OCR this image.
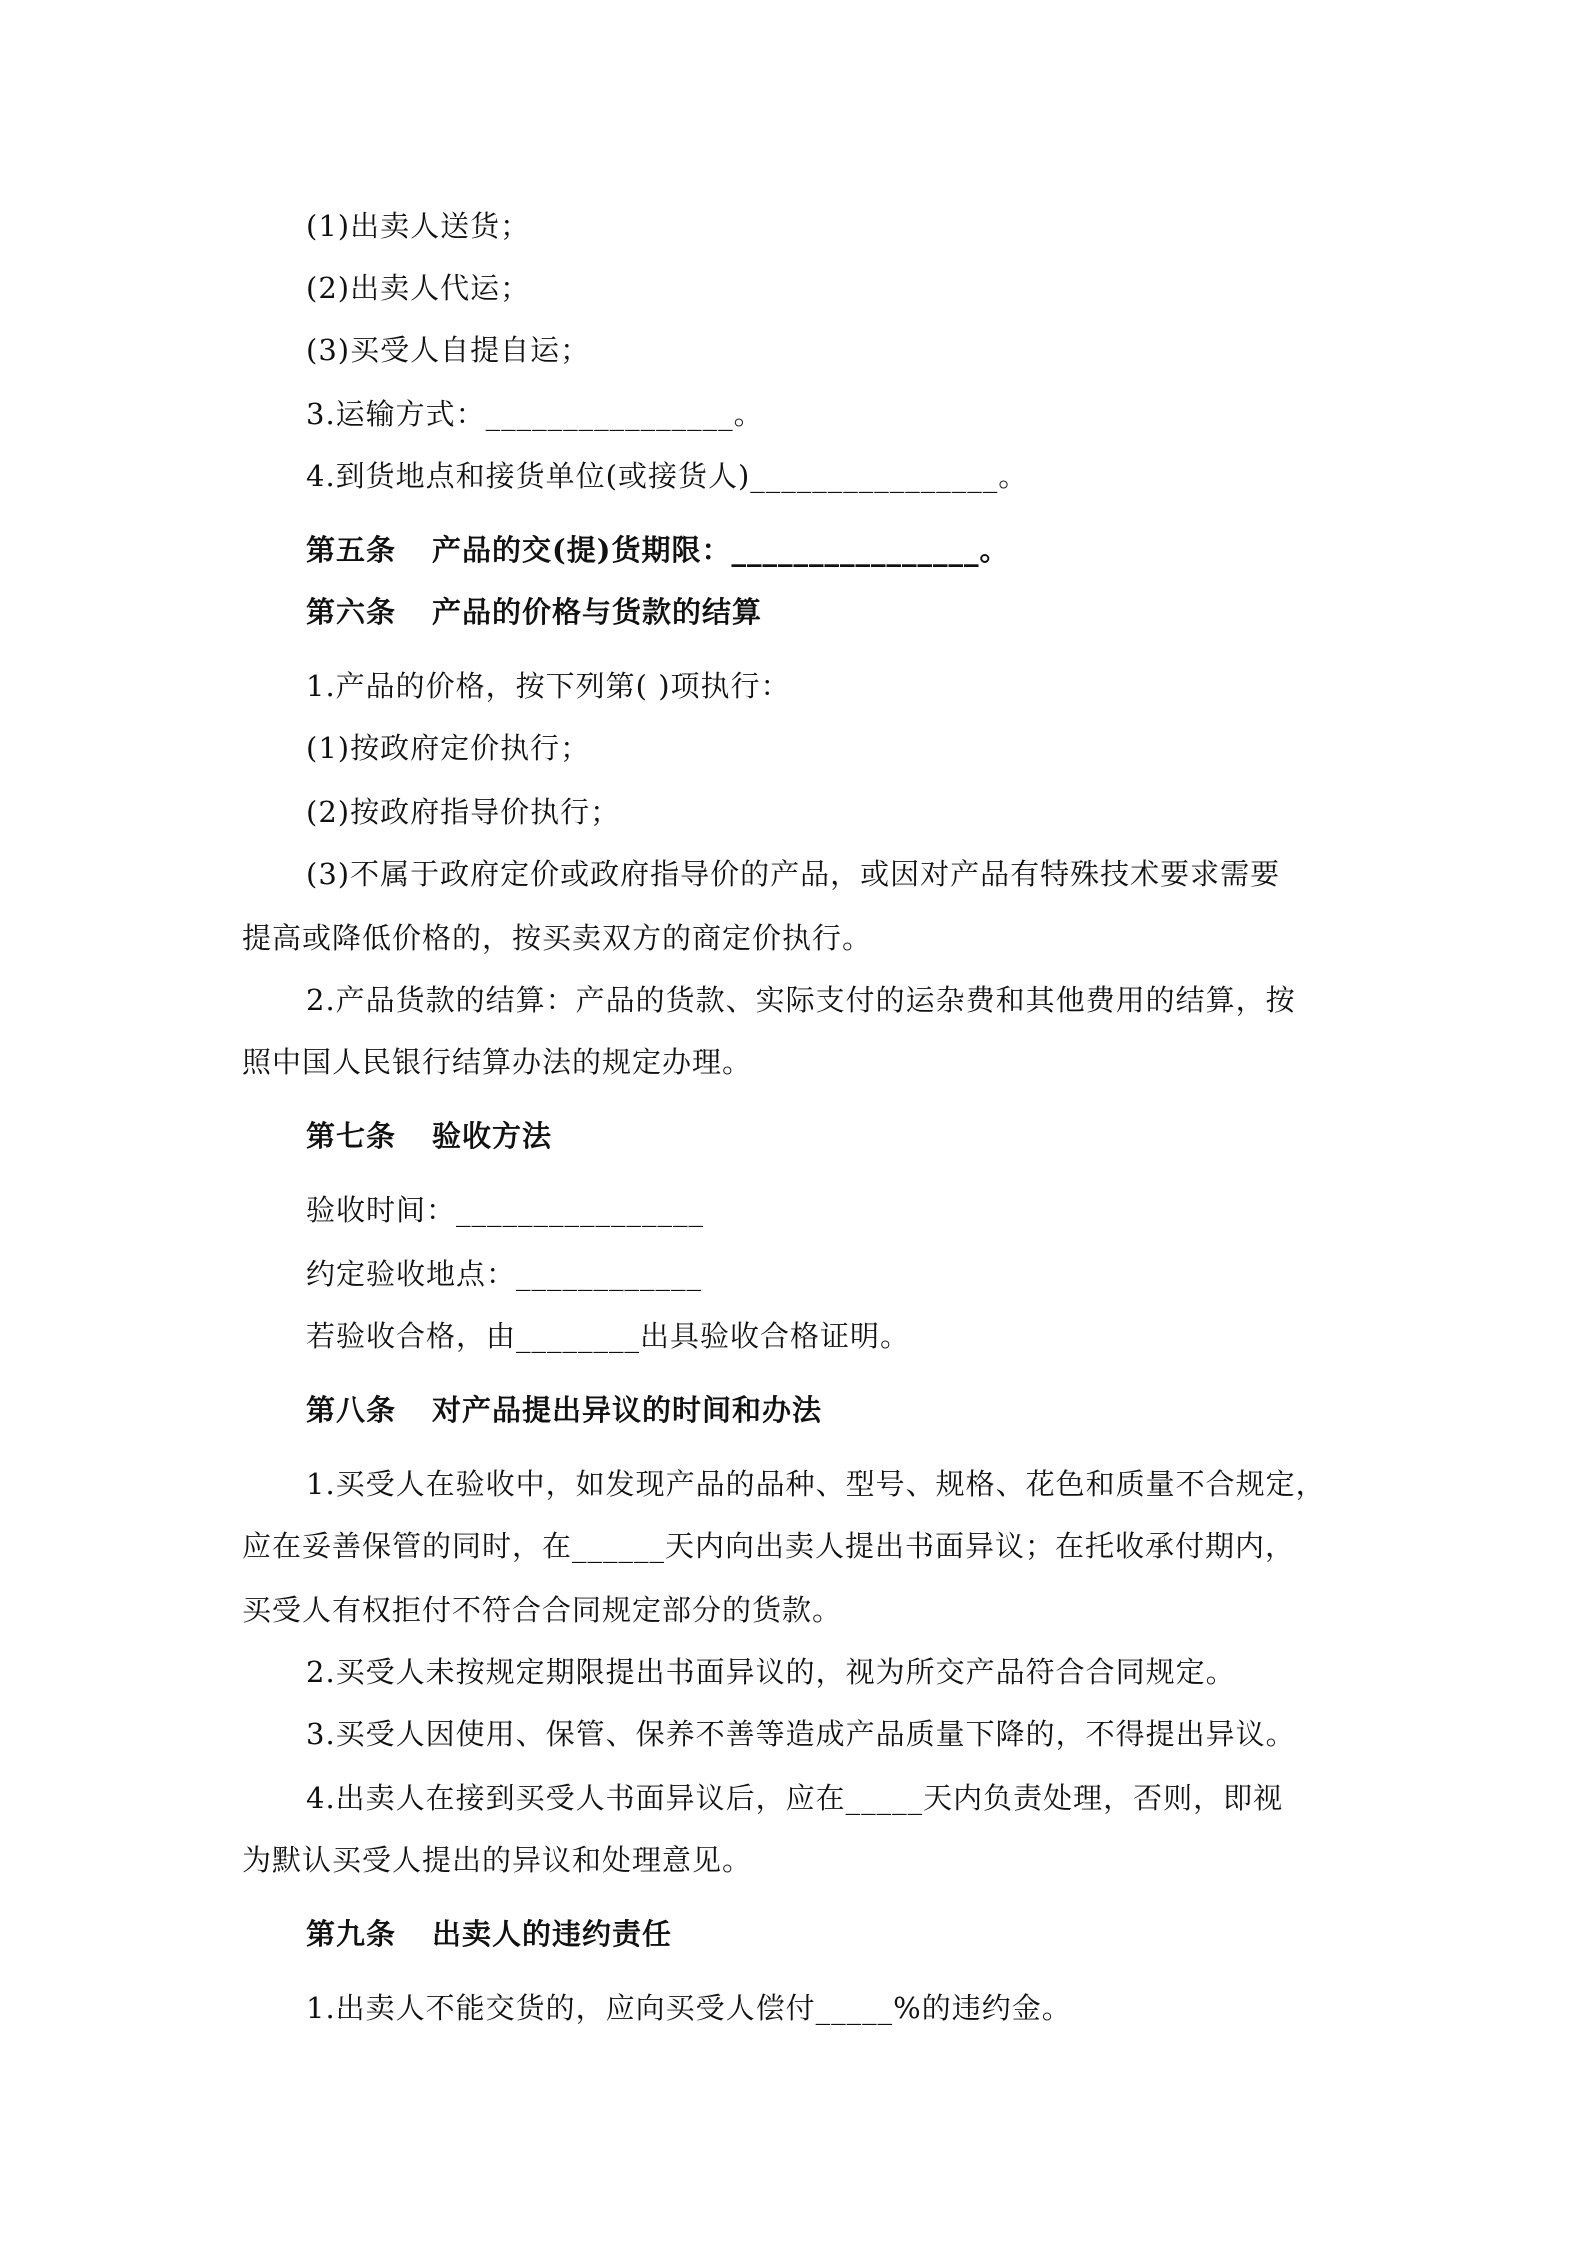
(1)出卖人送货；
(2)出卖人代运；
(3)买受人自提自运；
3.运输方式：________________。
4.到货地点和接货单位(或接货人)________________。
第五条 产品的交(提)货期限：________________。
第六条 产品的价格与货款的结算
1.产品的价格，按下列第( )项执行：
(1)按政府定价执行；
(2)按政府指导价执行；
(3)不属于政府定价或政府指导价的产品，或因对产品有特殊技术要求需要
提高或降低价格的，按买卖双方的商定价执行。
2.产品货款的结算：产品的货款、实际支付的运杂费和其他费用的结算，按
照中国人民银行结算办法的规定办理。
第七条 验收方法
验收时间：________________
约定验收地点：____________
若验收合格，由________出具验收合格证明。
第八条 对产品提出异议的时间和办法
1.买受人在验收中，如发现产品的品种、型号、规格、花色和质量不合规定，
应在妥善保管的同时，在______天内向出卖人提出书面异议；在托收承付期内，
买受人有权拒付不符合合同规定部分的货款。
2.买受人未按规定期限提出书面异议的，视为所交产品符合合同规定。
3.买受人因使用、保管、保养不善等造成产品质量下降的，不得提出异议。
4.出卖人在接到买受人书面异议后，应在_____天内负责处理，否则，即视
为默认买受人提出的异议和处理意见。
第九条 出卖人的违约责任
1.出卖人不能交货的，应向买受人偿付_____%的违约金。
